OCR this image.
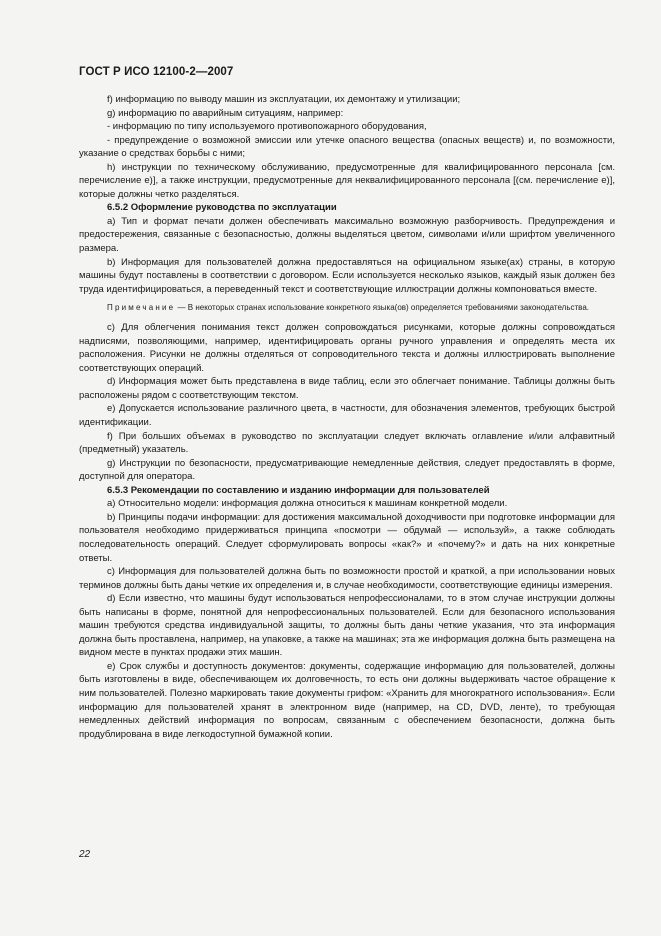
ГОСТ Р ИСО 12100-2—2007

f) информацию по выводу машин из эксплуатации, их демонтажу и утилизации;

g) информацию по аварийным ситуациям, например:

- информацию по типу используемого противопожарного оборудования,

- предупреждение о возможной эмиссии или утечке опасного вещества (опасных веществ) и, по возможности, указание о средствах борьбы с ними;

h) инструкции по техническому обслуживанию, предусмотренные для квалифицированного персонала [см. перечисление e)], а также инструкции, предусмотренные для неквалифицированного персонала [(см. перечисление e)], которые должны четко разделяться.

6.5.2 Оформление руководства по эксплуатации

a) Тип и формат печати должен обеспечивать максимально возможную разборчивость. Предупреждения и предостережения, связанные с безопасностью, должны выделяться цветом, символами и/или шрифтом увеличенного размера.

b) Информация для пользователей должна предоставляться на официальном языке(ах) страны, в которую машины будут поставлены в соответствии с договором. Если используется несколько языков, каждый язык должен без труда идентифицироваться, а переведенный текст и соответствующие иллюстрации должны компоноваться вместе.

Примечание — В некоторых странах использование конкретного языка(ов) определяется требованиями законодательства.

c) Для облегчения понимания текст должен сопровождаться рисунками, которые должны сопровождаться надписями, позволяющими, например, идентифицировать органы ручного управления и определять места их расположения. Рисунки не должны отделяться от сопроводительного текста и должны иллюстрировать выполнение соответствующих операций.

d) Информация может быть представлена в виде таблиц, если это облегчает понимание. Таблицы должны быть расположены рядом с соответствующим текстом.

e) Допускается использование различного цвета, в частности, для обозначения элементов, требующих быстрой идентификации.

f) При больших объемах в руководство по эксплуатации следует включать оглавление и/или алфавитный (предметный) указатель.

g) Инструкции по безопасности, предусматривающие немедленные действия, следует предоставлять в форме, доступной для оператора.

6.5.3 Рекомендации по составлению и изданию информации для пользователей

a) Относительно модели: информация должна относиться к машинам конкретной модели.

b) Принципы подачи информации: для достижения максимальной доходчивости при подготовке информации для пользователя необходимо придерживаться принципа «посмотри — обдумай — используй», а также соблюдать последовательность операций. Следует сформулировать вопросы «как?» и «почему?» и дать на них конкретные ответы.

c) Информация для пользователей должна быть по возможности простой и краткой, а при использовании новых терминов должны быть даны четкие их определения и, в случае необходимости, соответствующие единицы измерения.

d) Если известно, что машины будут использоваться непрофессионалами, то в этом случае инструкции должны быть написаны в форме, понятной для непрофессиональных пользователей. Если для безопасного использования машин требуются средства индивидуальной защиты, то должны быть даны четкие указания, что эта информация должна быть проставлена, например, на упаковке, а также на машинах; эта же информация должна быть размещена на видном месте в пунктах продажи этих машин.

e) Срок службы и доступность документов: документы, содержащие информацию для пользователей, должны быть изготовлены в виде, обеспечивающем их долговечность, то есть они должны выдерживать частое обращение к ним пользователей. Полезно маркировать такие документы грифом: «Хранить для многократного использования». Если информацию для пользователей хранят в электронном виде (например, на CD, DVD, ленте), то требующая немедленных действий информация по вопросам, связанным с обеспечением безопасности, должна быть продублирована в виде легкодоступной бумажной копии.

22
